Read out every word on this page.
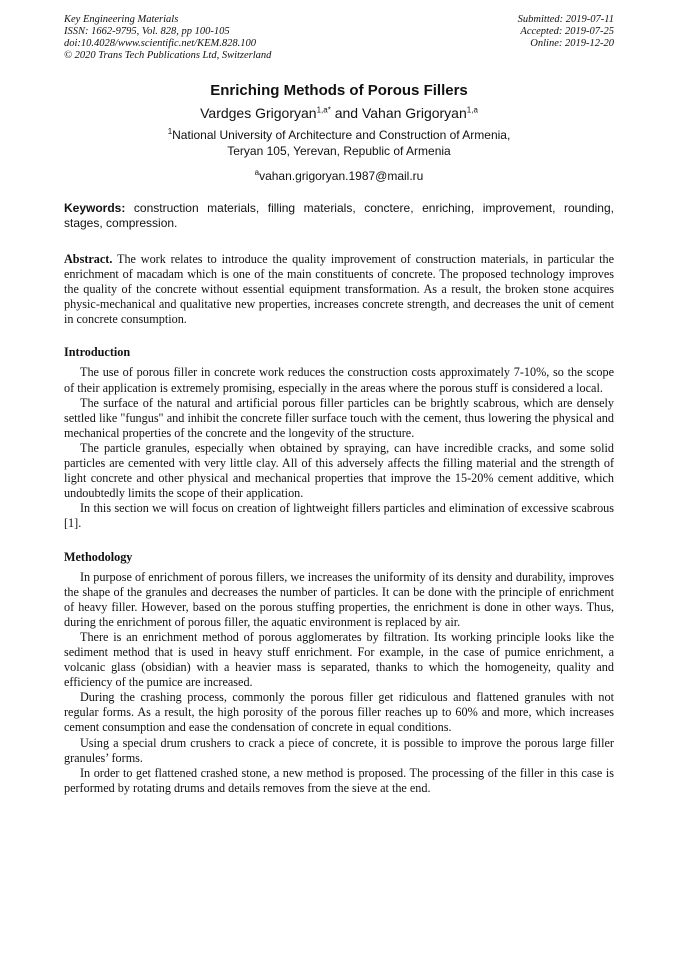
Key Engineering Materials
ISSN: 1662-9795, Vol. 828, pp 100-105
doi:10.4028/www.scientific.net/KEM.828.100
© 2020 Trans Tech Publications Ltd, Switzerland
Submitted: 2019-07-11
Accepted: 2019-07-25
Online: 2019-12-20
Enriching Methods of Porous Fillers
Vardges Grigoryan$^{1,a*}$ and Vahan Grigoryan$^{1,a}$
$^1$National University of Architecture and Construction of Armenia,
Teryan 105, Yerevan, Republic of Armenia
$^a$vahan.grigoryan.1987@mail.ru
Keywords: construction materials, filling materials, conctere, enriching, improvement, rounding, stages, compression.
Abstract. The work relates to introduce the quality improvement of construction materials, in particular the enrichment of macadam which is one of the main constituents of concrete. The proposed technology improves the quality of the concrete without essential equipment transformation. As a result, the broken stone acquires physic-mechanical and qualitative new properties, increases concrete strength, and decreases the unit of cement in concrete consumption.
Introduction

The use of porous filler in concrete work reduces the construction costs approximately 7-10%, so the scope of their application is extremely promising, especially in the areas where the porous stuff is considered a local.

The surface of the natural and artificial porous filler particles can be brightly scabrous, which are densely settled like "fungus" and inhibit the concrete filler surface touch with the cement, thus lowering the physical and mechanical properties of the concrete and the longevity of the structure.

The particle granules, especially when obtained by spraying, can have incredible cracks, and some solid particles are cemented with very little clay. All of this adversely affects the filling material and the strength of light concrete and other physical and mechanical properties that improve the 15-20% cement additive, which undoubtedly limits the scope of their application.

In this section we will focus on creation of lightweight fillers particles and elimination of excessive scabrous [1].

Methodology

In purpose of enrichment of porous fillers, we increases the uniformity of its density and durability, improves the shape of the granules and decreases the number of particles. It can be done with the principle of enrichment of heavy filler. However, based on the porous stuffing properties, the enrichment is done in other ways. Thus, during the enrichment of porous filler, the aquatic environment is replaced by air.

There is an enrichment method of porous agglomerates by filtration. Its working principle looks like the sediment method that is used in heavy stuff enrichment. For example, in the case of pumice enrichment, a volcanic glass (obsidian) with a heavier mass is separated, thanks to which the homogeneity, quality and efficiency of the pumice are increased.

During the crashing process, commonly the porous filler get ridiculous and flattened granules with not regular forms. As a result, the high porosity of the porous filler reaches up to 60% and more, which increases cement consumption and ease the condensation of concrete in equal conditions.

Using a special drum crushers to crack a piece of concrete, it is possible to improve the porous large filler granules’ forms.

In order to get flattened crashed stone, a new method is proposed. The processing of the filler in this case is performed by rotating drums and details removes from the sieve at the end.
